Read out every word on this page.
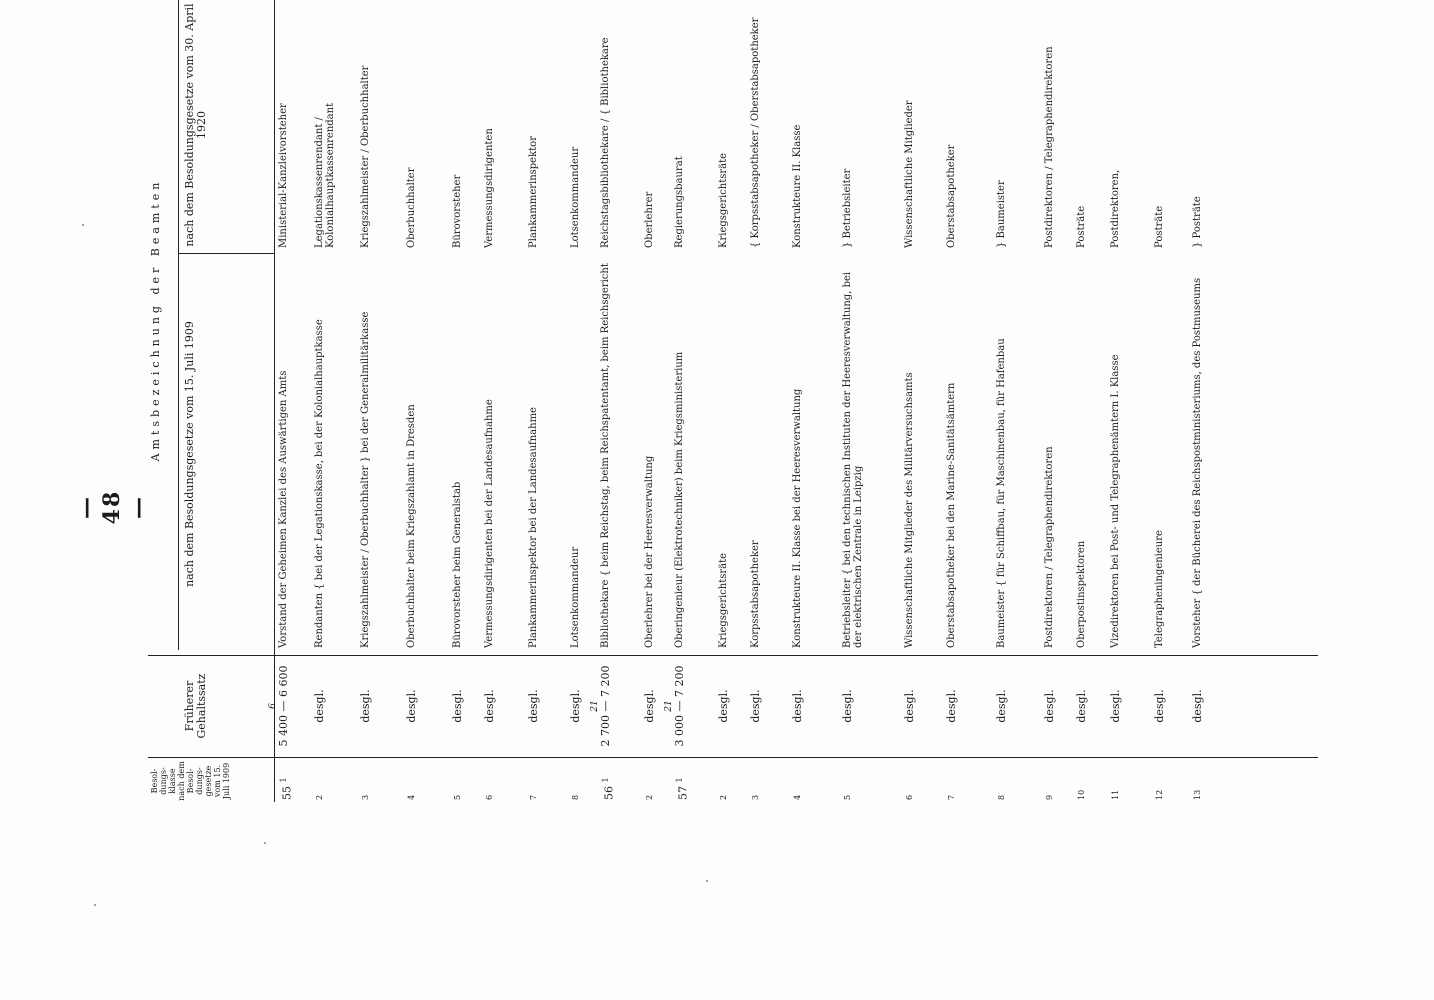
— 48 —
Besol-dungs-klasse nach dem Besol-dungs-gesetze vom 15. Juli 1909
Früherer Gehaltssatz
Amtsbezeichnung der Beamten nach dem Besoldungsgesetze vom 15. Juli 1909
nach dem Besoldungsgesetze vom 30. April 1920
55 $^1$
5 400 — 6 600
6
Vorstand der Geheimen Kanzlei des Auswärtigen Amts
Ministerial-Kanzleivorsteher
$^2$
desgl.
Rendanten { bei der Legationskasse, bei der Kolonialhauptkasse
Legationskassenrendant / Kolonialhauptkassenrendant
$^3$
desgl.
Kriegszahlmeister / Oberbuchhalter } bei der Generalmilitärkasse
Kriegszahlmeister / Oberbuchhalter
$^4$
desgl.
Oberbuchhalter beim Kriegszahlamt in Dresden
Oberbuchhalter
$^5$
desgl.
Bürovorsteher beim Generalstab
Bürovorsteher
$^6$
desgl.
Vermessungsdirigenten bei der Landesaufnahme
Vermessungsdirigenten
$^7$
desgl.
Plankammerinspektor bei der Landesaufnahme
Plankammerinspektor
$^8$
desgl.
Lotsenkommandeur
Lotsenkommandeur
56 $^1$
2 700 — 7 200
21
Bibliothekare { beim Reichstag, beim Reichspatentamt, beim Reichsgericht
Reichstagsbibliothekare / { Bibliothekare
$^2$
desgl.
Oberlehrer bei der Heeresverwaltung
Oberlehrer
57 $^1$
3 000 — 7 200
21
Oberingenieur (Elektrotechniker) beim Kriegsministerium
Regierungsbaurat
$^2$
desgl.
Kriegsgerichtsräte
Kriegsgerichtsräte
$^3$
desgl.
Korpsstabsapotheker
{ Korpsstabsapotheker / Oberstabsapotheker
$^4$
desgl.
Konstrukteure II. Klasse bei der Heeresverwaltung
Konstrukteure II. Klasse
$^5$
desgl.
Betriebsleiter { bei den technischen Instituten der Heeresverwaltung, bei der elektrischen Zentrale in Leipzig
} Betriebsleiter
$^6$
desgl.
Wissenschaftliche Mitglieder des Militärversuchsamts
Wissenschaftliche Mitglieder
$^7$
desgl.
Oberstabsapotheker bei den Marine-Sanitätsämtern
Oberstabsapotheker
$^8$
desgl.
Baumeister { für Schiffbau, für Maschinenbau, für Hafenbau
} Baumeister
$^9$
desgl.
Postdirektoren / Telegraphendirektoren
Postdirektoren / Telegraphendirektoren
$^{10}$
desgl.
Oberpostinspektoren
Posträte
$^{11}$
desgl.
Vizedirektoren bei Post- und Telegraphenämtern I. Klasse
Postdirektoren,
$^{12}$
desgl.
Telegrapheningenieure
Posträte
$^{13}$
desgl.
Vorsteher { der Bücherei des Reichspostministeriums, des Postmuseums
} Posträte
